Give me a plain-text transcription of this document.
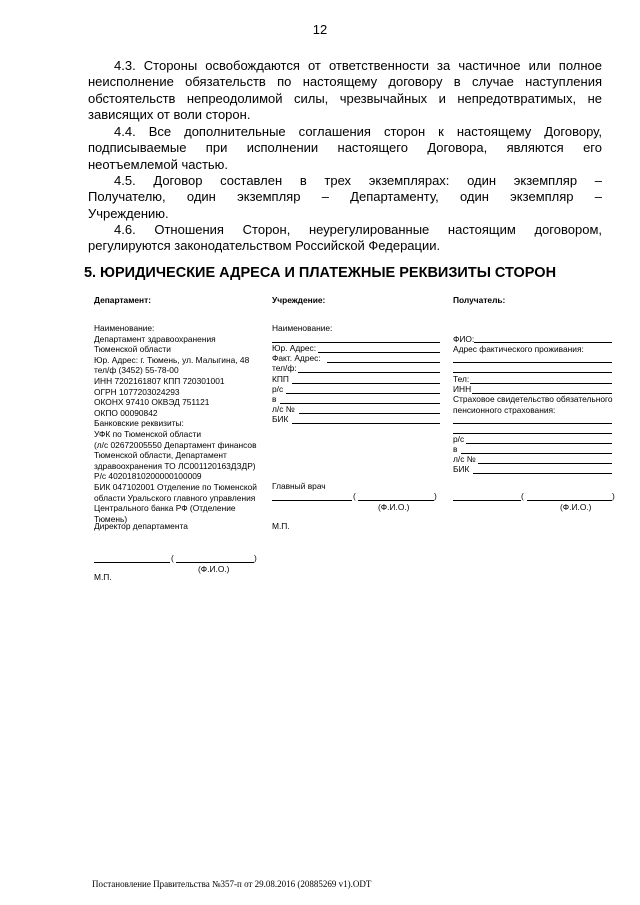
12
4.3. Стороны освобождаются от ответственности за частичное или полное
неисполнение обязательств по настоящему договору в случае наступления
обстоятельств непреодолимой силы, чрезвычайных и непредотвратимых, не
зависящих от воли сторон.
4.4. Все дополнительные соглашения сторон к настоящему Договору,
подписываемые при исполнении настоящего Договора, являются его
неотъемлемой частью.
4.5. Договор составлен в трех экземплярах: один экземпляр –
Получателю, один экземпляр – Департаменту, один экземпляр –
Учреждению.
4.6. Отношения Сторон, неурегулированные настоящим договором,
регулируются законодательством Российской Федерации.
5. ЮРИДИЧЕСКИЕ АДРЕСА И ПЛАТЕЖНЫЕ РЕКВИЗИТЫ СТОРОН
Департамент:	Учреждение:	Получатель:
Наименование:
Департамент здравоохранения
Тюменской области
Юр. Адрес: г. Тюмень, ул. Малыгина, 48
тел/ф (3452) 55-78-00
ИНН 7202161807 КПП 720301001
ОГРН 1077203024293
ОКОНХ 97410 ОКВЭД 751121
ОКПО 00090842
Банковские реквизиты:
УФК по Тюменской области
(л/с 02672005550 Департамент финансов
Тюменской области, Департамент
здравоохранения ТО ЛС001120163ДЗДР)
Р/с 40201810200000100009
БИК 047102001 Отделение по Тюменской
области Уральского главного управления
Центрального банка РФ (Отделение
Тюмень)
Директор департамента
(	)
(Ф.И.О.)
М.П.
Наименование:
Юр. Адрес:
Факт. Адрес:
тел/ф:
КПП
р/с
в
л/с №
БИК
Главный врач
(	)
(Ф.И.О.)
М.П.
ФИО:
Адрес фактического проживания:
Тел:
ИНН
Страховое свидетельство обязательного
пенсионного страхования:
р/с
в
л/с №
БИК
(	)
(Ф.И.О.)
Постановление Правительства №357-п от 29.08.2016 (20885269 v1).ODT
